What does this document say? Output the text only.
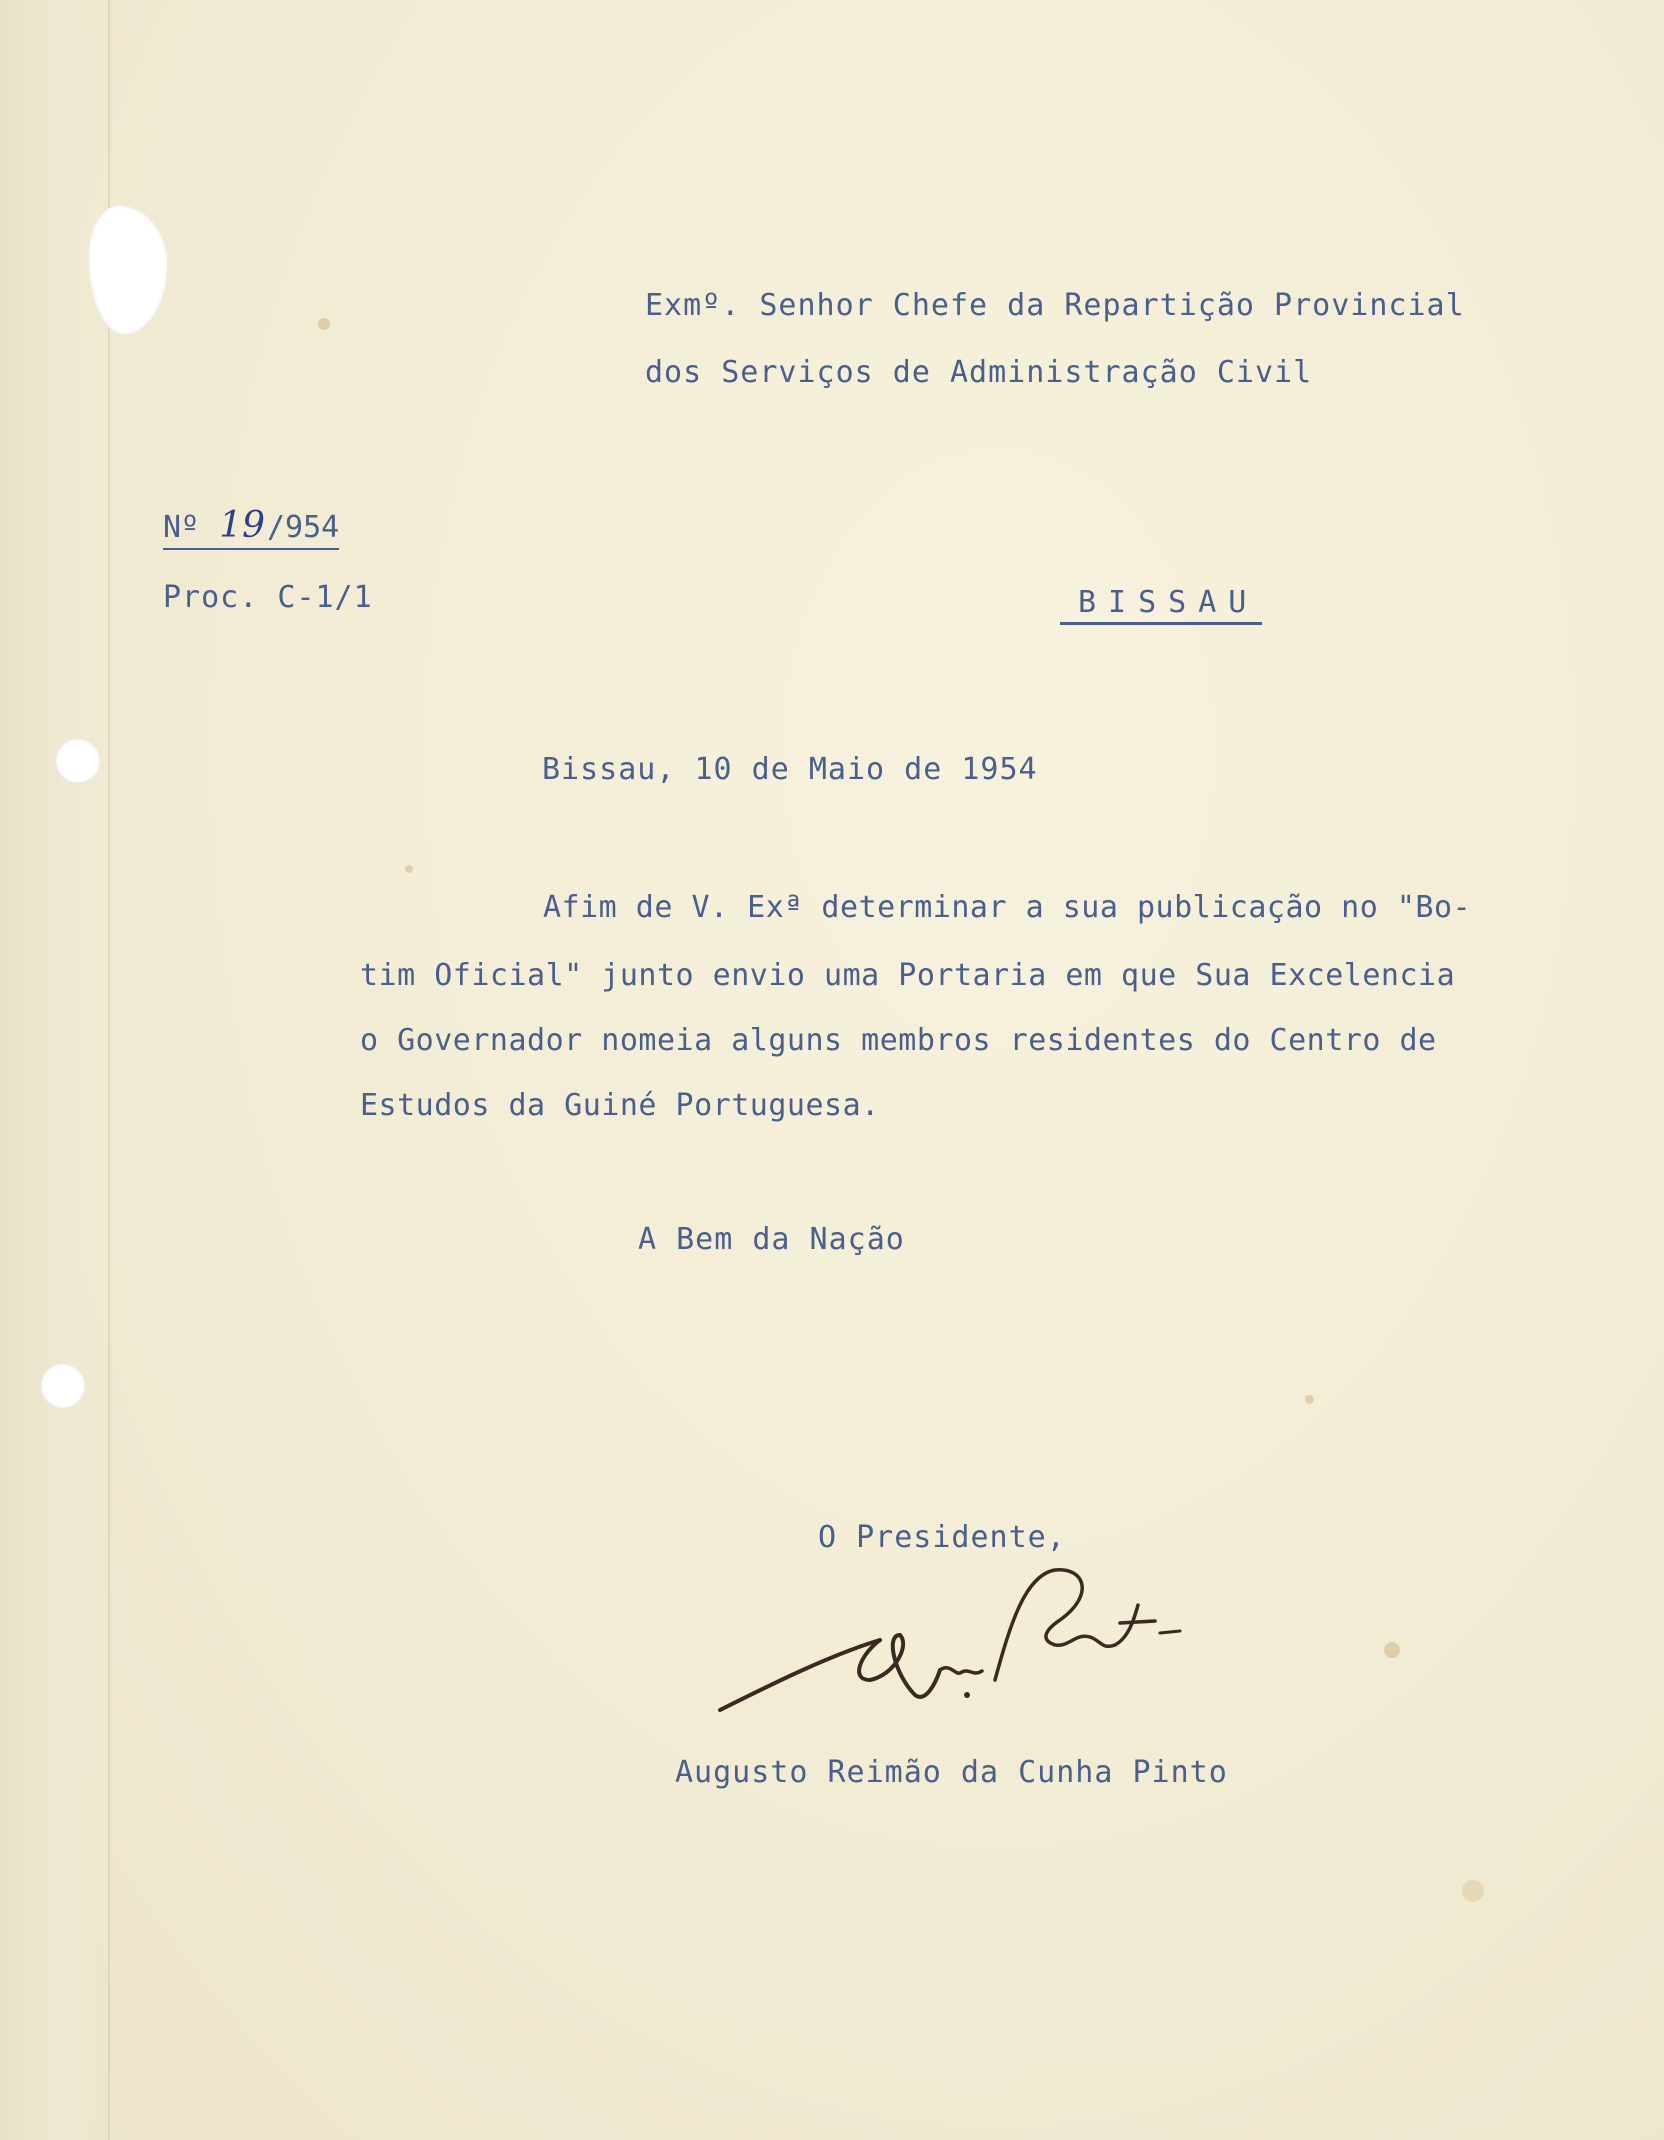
Exmº. Senhor Chefe da Repartição Provincial
dos Serviços de Administração Civil
Nº 19/954
Proc. C-1/1	BISSAU
Bissau, 10 de Maio de 1954
Afim de V. Exª determinar a sua publicação no "Bo-
tim Oficial" junto envio uma Portaria em que Sua Excelencia
o Governador nomeia alguns membros residentes do Centro de
Estudos da Guiné Portuguesa.
A Bem da Nação
O Presidente,
Augusto Reimão da Cunha Pinto
